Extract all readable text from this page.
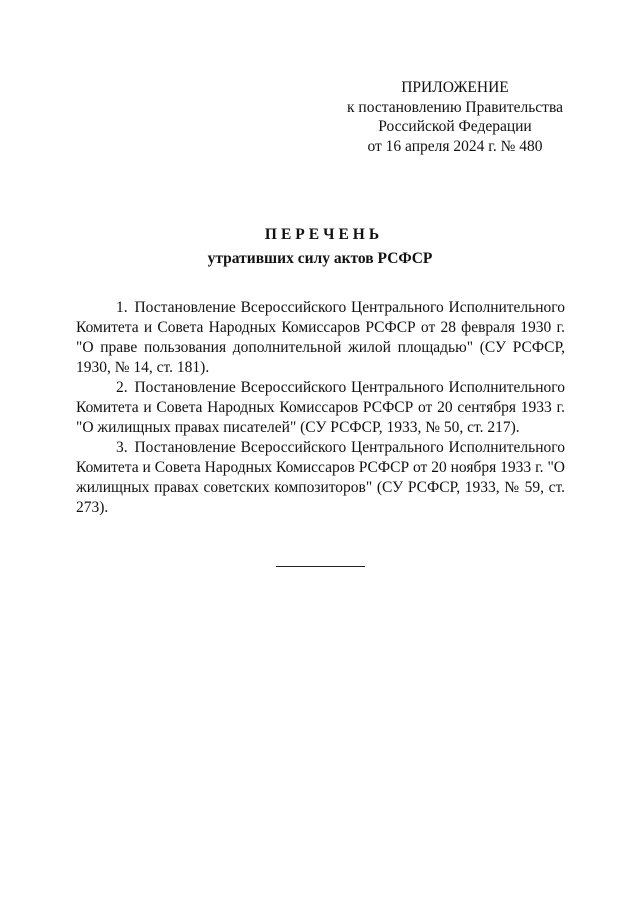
ПРИЛОЖЕНИЕ
к постановлению Правительства
Российской Федерации
от 16 апреля 2024 г. № 480
ПЕРЕЧЕНЬ
утративших силу актов РСФСР

1. Постановление Всероссийского Центрального Исполнительного Комитета и Совета Народных Комиссаров РСФСР от 28 февраля 1930 г. "О праве пользования дополнительной жилой площадью" (СУ РСФСР, 1930, № 14, ст. 181).

2. Постановление Всероссийского Центрального Исполнительного Комитета и Совета Народных Комиссаров РСФСР от 20 сентября 1933 г. "О жилищных правах писателей" (СУ РСФСР, 1933, № 50, ст. 217).

3. Постановление Всероссийского Центрального Исполнительного Комитета и Совета Народных Комиссаров РСФСР от 20 ноября 1933 г. "О жилищных правах советских композиторов" (СУ РСФСР, 1933, № 59, ст. 273).
